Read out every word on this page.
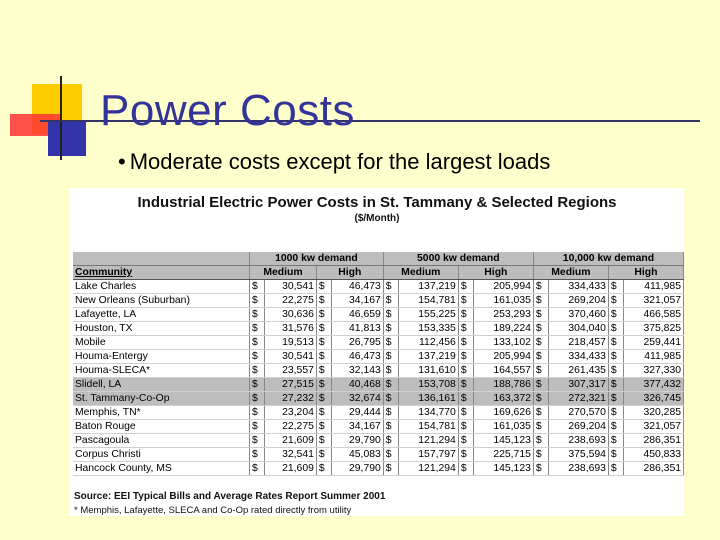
Power Costs
• Moderate costs except for the largest loads
Industrial Electric Power Costs in St. Tammany & Selected Regions
($/Month)
	1000 kw demand				5000 kw demand				10,000 kw demand			
Community	Medium		High		Medium		High		Medium		High	
Lake Charles	$	30,541	$	46,473	$	137,219	$	205,994	$	334,433	$	411,985
New Orleans (Suburban)	$	22,275	$	34,167	$	154,781	$	161,035	$	269,204	$	321,057
Lafayette, LA	$	30,636	$	46,659	$	155,225	$	253,293	$	370,460	$	466,585
Houston, TX	$	31,576	$	41,813	$	153,335	$	189,224	$	304,040	$	375,825
Mobile	$	19,513	$	26,795	$	112,456	$	133,102	$	218,457	$	259,441
Houma-Entergy	$	30,541	$	46,473	$	137,219	$	205,994	$	334,433	$	411,985
Houma-SLECA*	$	23,557	$	32,143	$	131,610	$	164,557	$	261,435	$	327,330
Slidell, LA	$	27,515	$	40,468	$	153,708	$	188,786	$	307,317	$	377,432
St. Tammany-Co-Op	$	27,232	$	32,674	$	136,161	$	163,372	$	272,321	$	326,745
Memphis, TN*	$	23,204	$	29,444	$	134,770	$	169,626	$	270,570	$	320,285
Baton Rouge	$	22,275	$	34,167	$	154,781	$	161,035	$	269,204	$	321,057
Pascagoula	$	21,609	$	29,790	$	121,294	$	145,123	$	238,693	$	286,351
Corpus Christi	$	32,541	$	45,083	$	157,797	$	225,715	$	375,594	$	450,833
Hancock County, MS	$	21,609	$	29,790	$	121,294	$	145,123	$	238,693	$	286,351
Source: EEI Typical Bills and Average Rates Report Summer 2001
* Memphis, Lafayette, SLECA and Co-Op rated directly from utility
